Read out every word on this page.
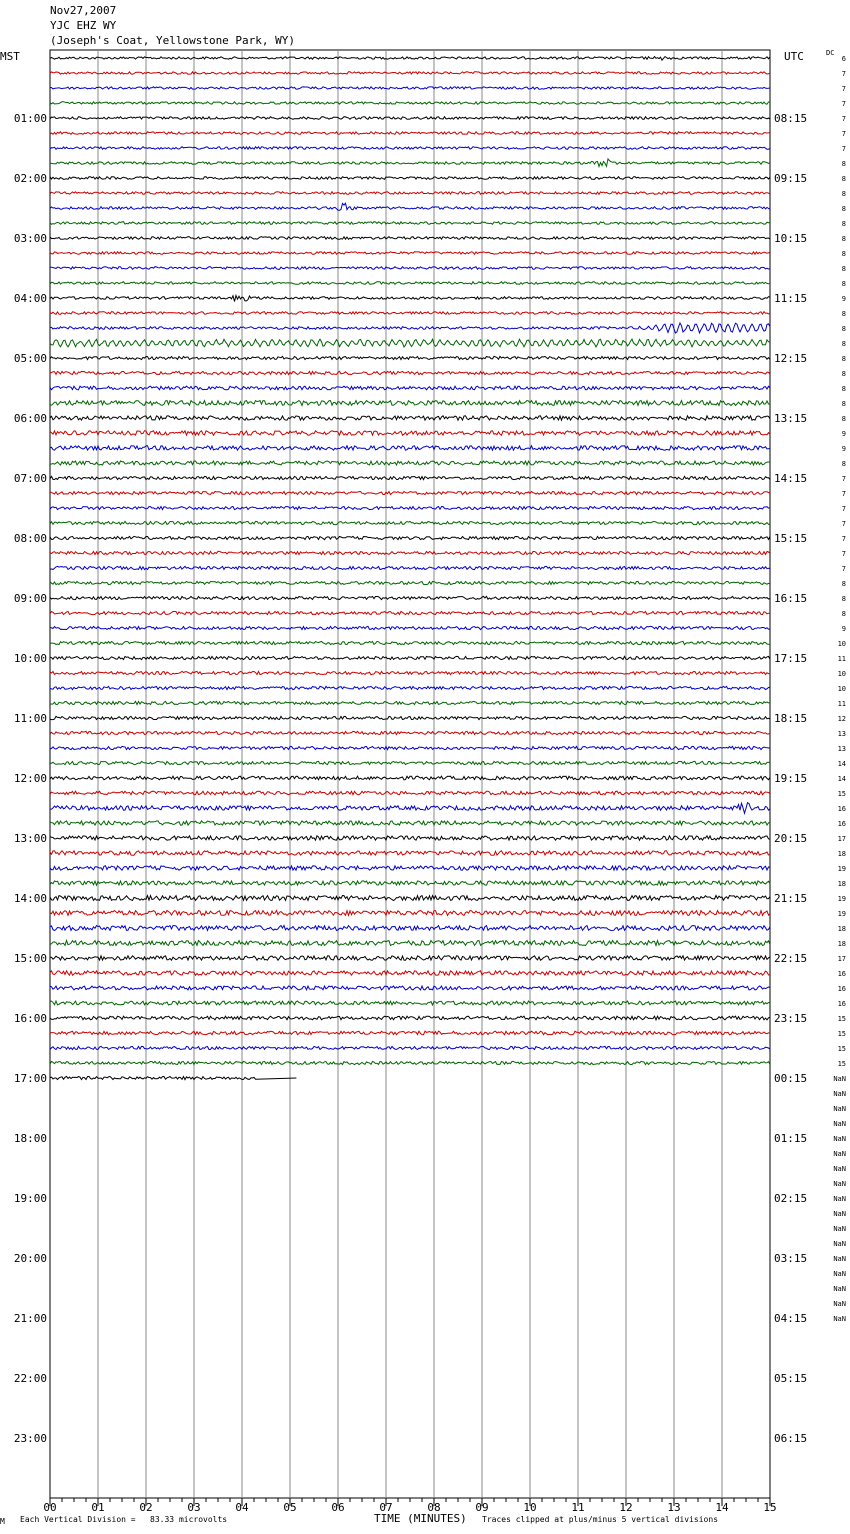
Nov27,2007
YJC EHZ WY
(Joseph's Coat, Yellowstone Park, WY)
MST	UTC	DC
00	01	02	03	04	05	06	07	08	09	10	11	12	13	14	15
01:00
02:00
03:00
04:00
05:00
06:00
07:00
08:00
09:00
10:00
11:00
12:00
13:00
14:00
15:00
16:00
17:00
18:00
19:00
20:00
21:00
22:00
23:00
08:15
09:15
10:15
11:15
12:15
13:15
14:15
15:15
16:15
17:15
18:15
19:15
20:15
21:15
22:15
23:15
00:15
01:15
02:15
03:15
04:15
05:15
06:15
6
7
7
7
7
7
7
8
8
8
8
8
8
8
8
8
9
8
8
8
8
8
8
8
8
9
9
8
7
7
7
7
7
7
7
8
8
8
9
10
11
10
10
11
12
13
13
14
14
15
16
16
17
18
19
18
19
19
18
18
17
16
16
16
15
15
15
15
NaN
NaN
NaN
NaN
NaN
NaN
NaN
NaN
NaN
NaN
NaN
NaN
NaN
NaN
NaN
NaN
NaN
M Each Vertical Division =   83.33 microvolts	TIME (MINUTES) Traces clipped at plus/minus 5 vertical divisions
